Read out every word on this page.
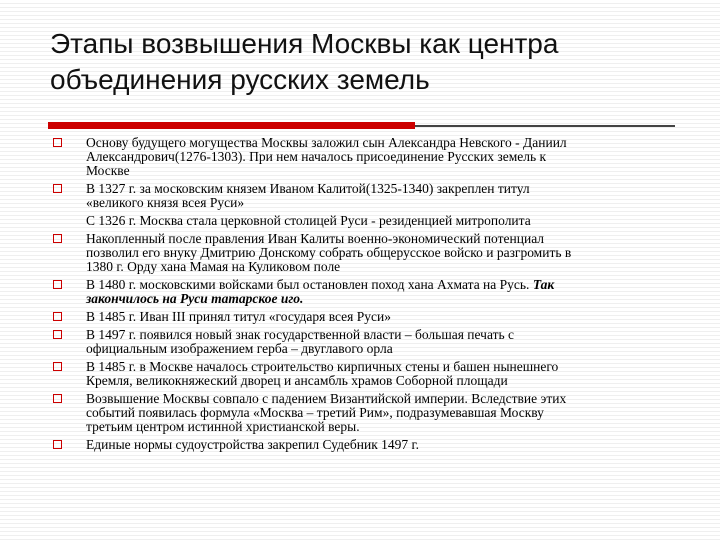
Этапы возвышения Москвы как центра
объединения русских земель
Основу будущего могущества Москвы заложил сын Александра Невского - Даниил
Александрович(1276-1303). При нем началось присоединение Русских земель к
Москве
В 1327 г. за московским князем Иваном Калитой(1325-1340) закреплен титул
«великого князя всея Руси»
С 1326 г. Москва стала церковной столицей Руси - резиденцией митрополита
Накопленный после правления Иван Калиты военно-экономический потенциал
позволил его внуку Дмитрию Донскому собрать общерусское войско и разгромить в
1380 г. Орду хана Мамая на Куликовом поле
В 1480 г. московскими войсками был остановлен поход хана Ахмата на Русь. Так
закончилось на Руси татарское иго.
В 1485 г. Иван III принял титул «государя всея Руси»
В 1497 г. появился новый знак государственной власти – большая печать с
официальным изображением герба – двуглавого орла
В 1485 г. в Москве началось строительство кирпичных стены и башен нынешнего
Кремля, великокняжеский дворец и ансамбль храмов Соборной площади
Возвышение Москвы совпало с падением Византийской империи. Вследствие этих
событий появилась формула «Москва – третий Рим», подразумевавшая Москву
третьим центром истинной христианской веры.
Единые нормы судоустройства закрепил Судебник 1497 г.
